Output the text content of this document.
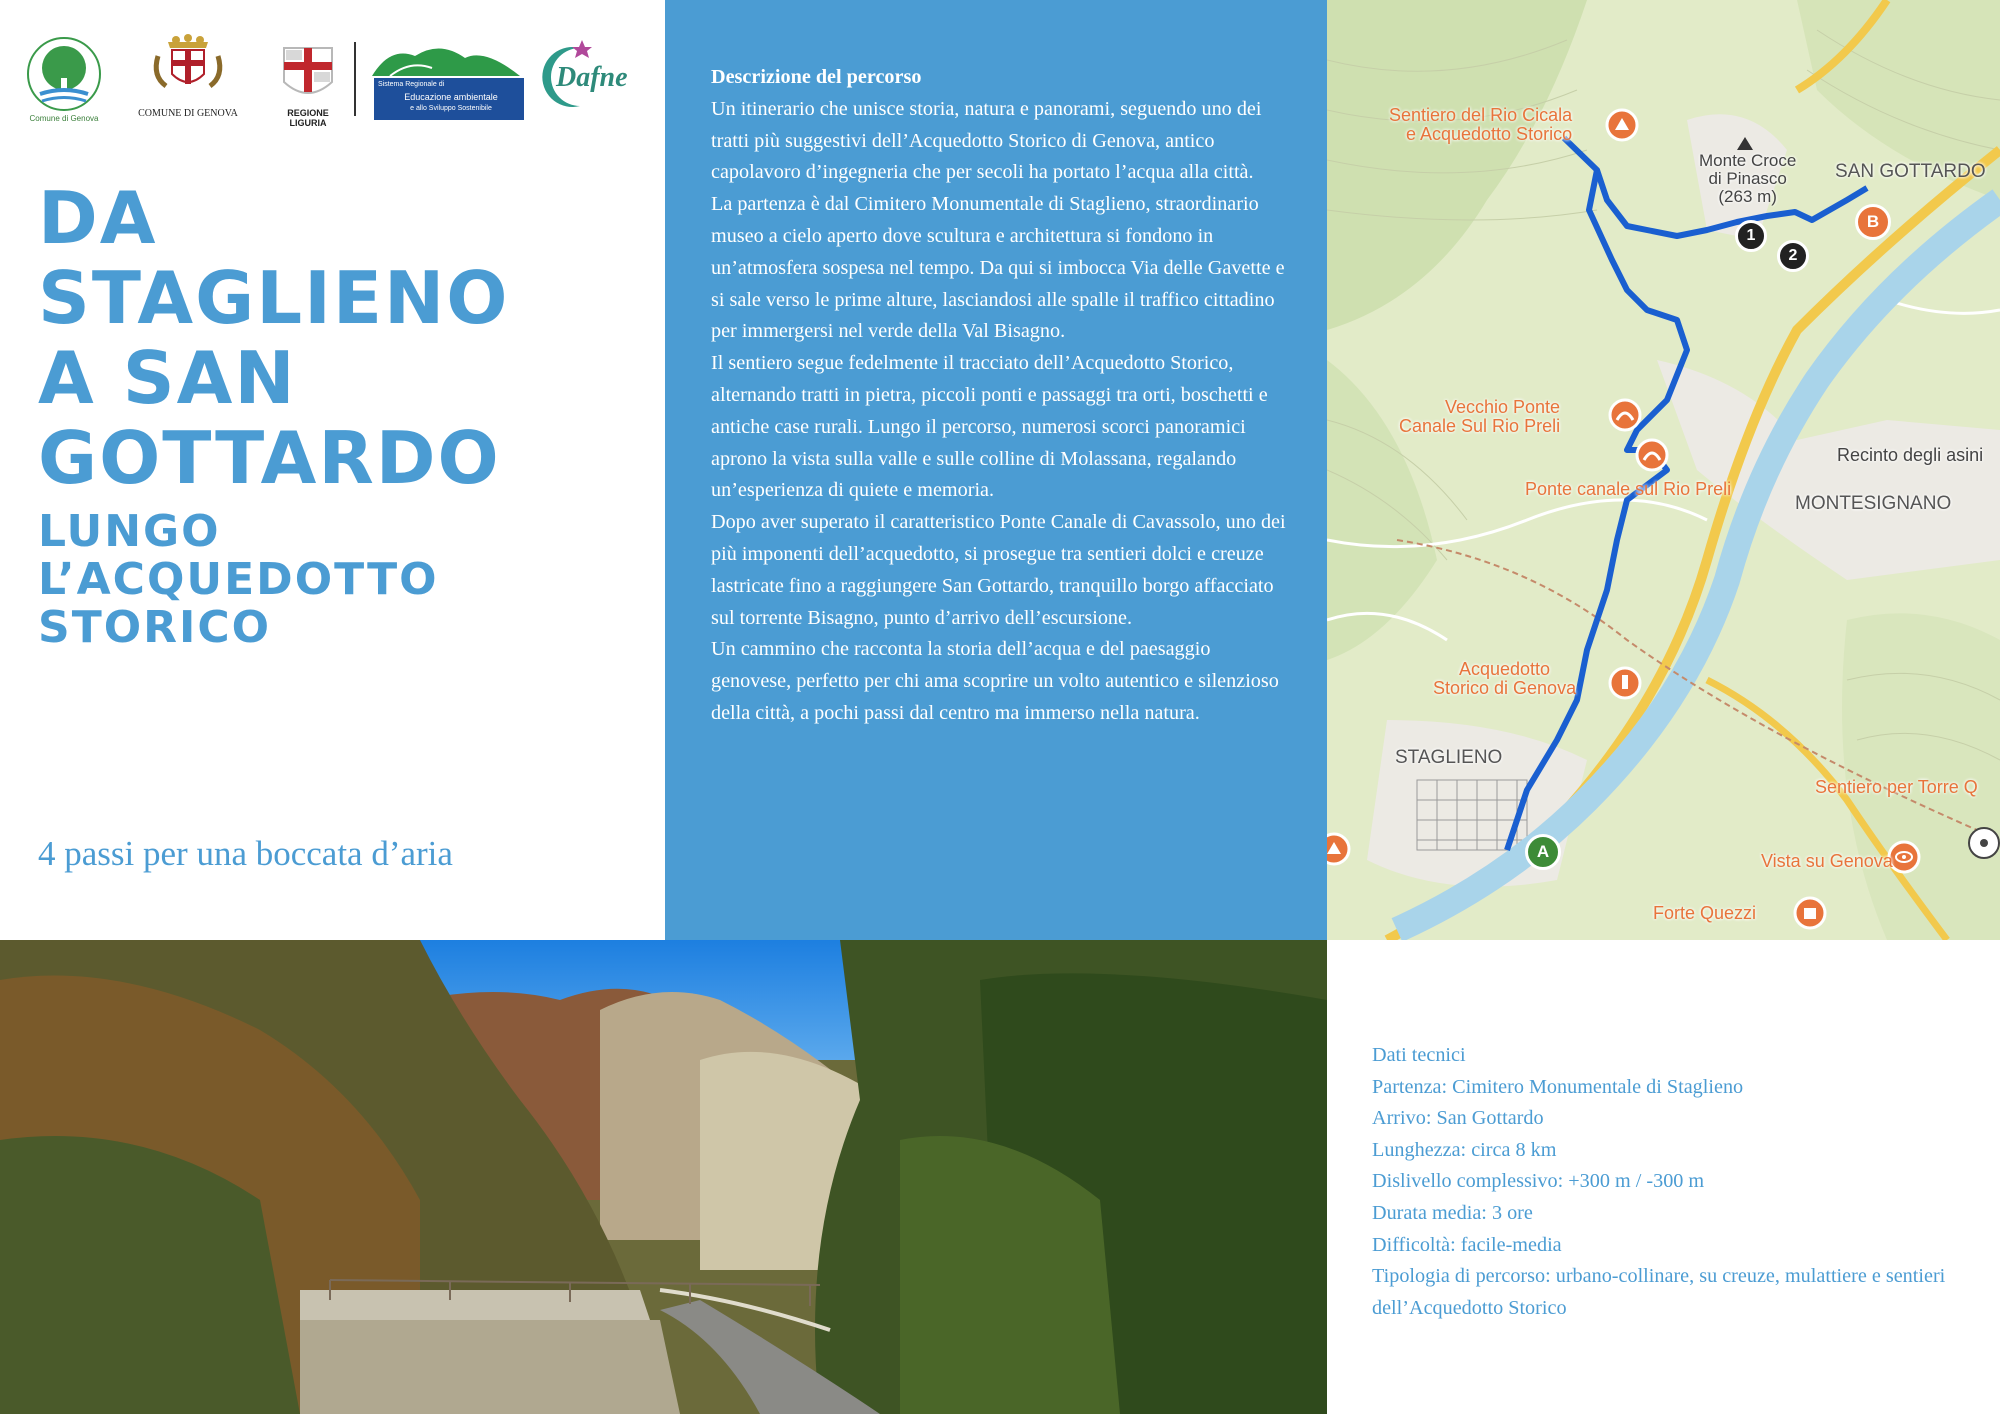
Comune di Genova	COMUNE DI GENOVA	REGIONE LIGURIA
Sistema Regionale di
Educazione ambientale
e allo Sviluppo Sostenibile
Dafne
DA
STAGLIENO
A SAN
GOTTARDO
LUNGO
L’ACQUEDOTTO
STORICO
4 passi per una boccata d’aria
Descrizione del percorso

Un itinerario che unisce storia, natura e panorami, seguendo uno dei tratti più suggestivi dell’Acquedotto Storico di Genova, antico capolavoro d’ingegneria che per secoli ha portato l’acqua alla città.

La partenza è dal Cimitero Monumentale di Staglieno, straordinario museo a cielo aperto dove scultura e architettura si fondono in un’atmosfera sospesa nel tempo. Da qui si imbocca Via delle Gavette e si sale verso le prime alture, lasciandosi alle spalle il traffico cittadino per immergersi nel verde della Val Bisagno.

Il sentiero segue fedelmente il tracciato dell’Acquedotto Storico, alternando tratti in pietra, piccoli ponti e passaggi tra orti, boschetti e antiche case rurali. Lungo il percorso, numerosi scorci panoramici aprono la vista sulla valle e sulle colline di Molassana, regalando un’esperienza di quiete e memoria.

Dopo aver superato il caratteristico Ponte Canale di Cavassolo, uno dei più imponenti dell’acquedotto, si prosegue tra sentieri dolci e creuze lastricate fino a raggiungere San Gottardo, tranquillo borgo affacciato sul torrente Bisagno, punto d’arrivo dell’escursione.

Un cammino che racconta la storia dell’acqua e del paesaggio genovese, perfetto per chi ama scoprire un volto autentico e silenzioso della città, a pochi passi dal centro ma immerso nella natura.

A
B
1
2
Sentiero del Rio Cicala
e Acquedotto Storico
Monte Croce
di Pinasco
(263 m)
SAN GOTTARDO
Vecchio Ponte
Canale Sul Rio Preli
Ponte canale sul Rio Preli
Recinto degli asini
MONTESIGNANO
Acquedotto
Storico di Genova
STAGLIENO
Sentiero per Torre Q
Vista su Genova
Forte Quezzi

Dati tecnici

Partenza: Cimitero Monumentale di Staglieno

Arrivo: San Gottardo

Lunghezza: circa 8 km

Dislivello complessivo: +300 m / -300 m

Durata media: 3 ore

Difficoltà: facile-media

Tipologia di percorso: urbano-collinare, su creuze, mulattiere e sentieri dell’Acquedotto Storico
